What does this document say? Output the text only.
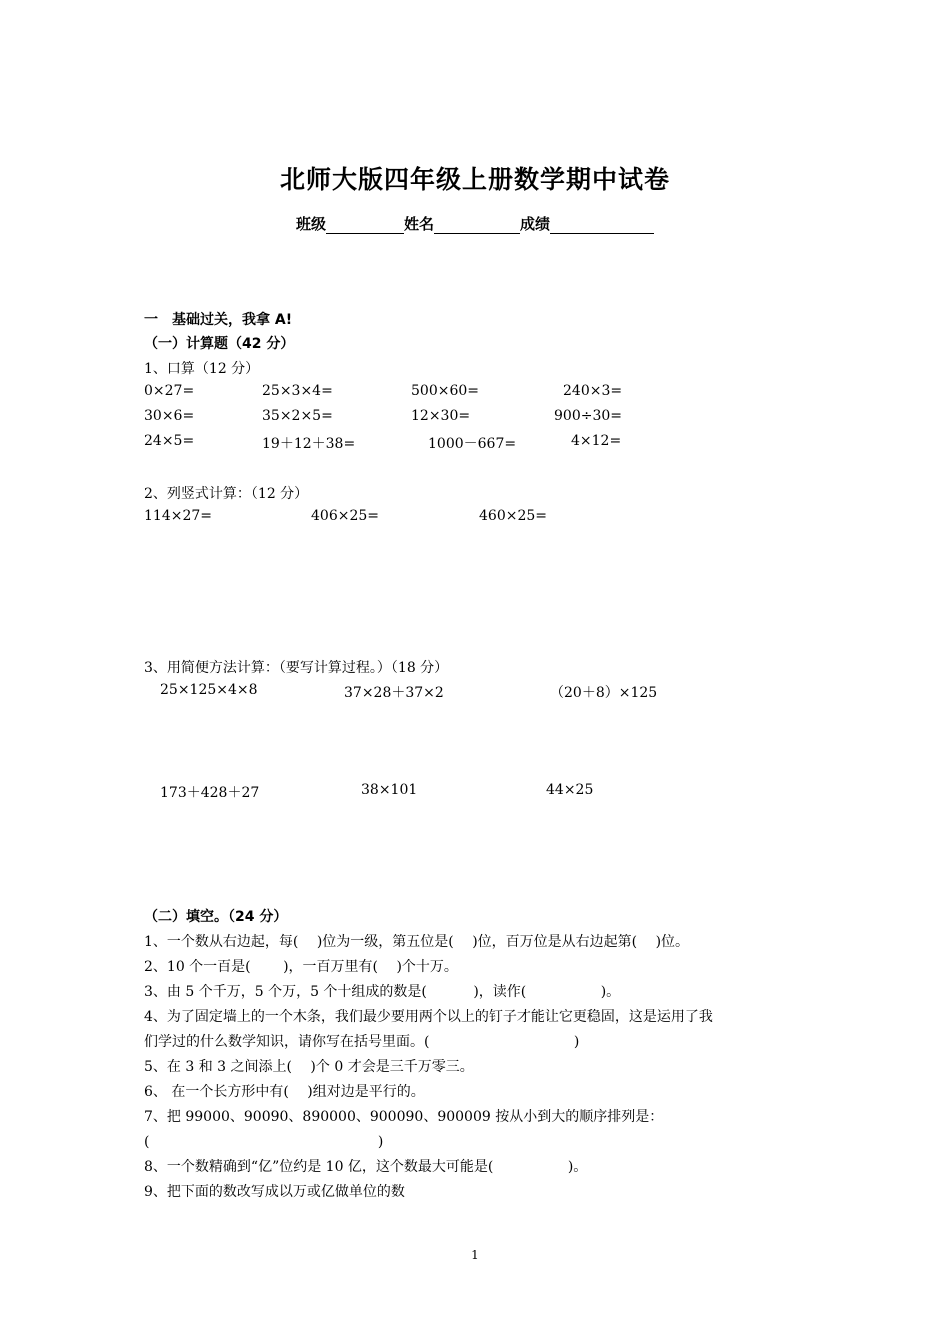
北师大版四年级上册数学期中试卷
班级	姓名	成绩
一　基础过关，我拿 A!
（一）计算题（42 分）
1、口算（12 分）
0×27=	25×3×4=	500×60=	240×3=
30×6=	35×2×5=	12×30=	900÷30=
24×5=	19＋12＋38=	1000－667=	4×12=
2、列竖式计算：（12 分）
114×27=	406×25=	460×25=
3、用简便方法计算：（要写计算过程。）（18 分）
25×125×4×8	37×28＋37×2	（20＋8）×125
173＋428＋27	38×101	44×25
（二）填空。（24 分）
1、一个数从右边起，每(　 )位为一级，第五位是(　 )位，百万位是从右边起第(　 )位。
2、10 个一百是(　　 )，一百万里有(　 )个十万。
3、由 5 个千万，5 个万，5 个十组成的数是(　　　 )，读作(　　　　　 )。
4、为了固定墙上的一个木条，我们最少要用两个以上的钉子才能让它更稳固，这是运用了我
们学过的什么数学知识，请你写在括号里面。(　　　　　　　　　　 )
5、在 3 和 3 之间添上(　 )个 0 才会是三千万零三。
6、 在一个长方形中有(　 )组对边是平行的。
7、把 99000、90090、890000、900090、900009 按从小到大的顺序排列是：
(　　　　　　　　　　　　　　　　 )
8、一个数精确到“亿”位约是 10 亿，这个数最大可能是(　　　　　 )。
9、把下面的数改写成以万或亿做单位的数
1
